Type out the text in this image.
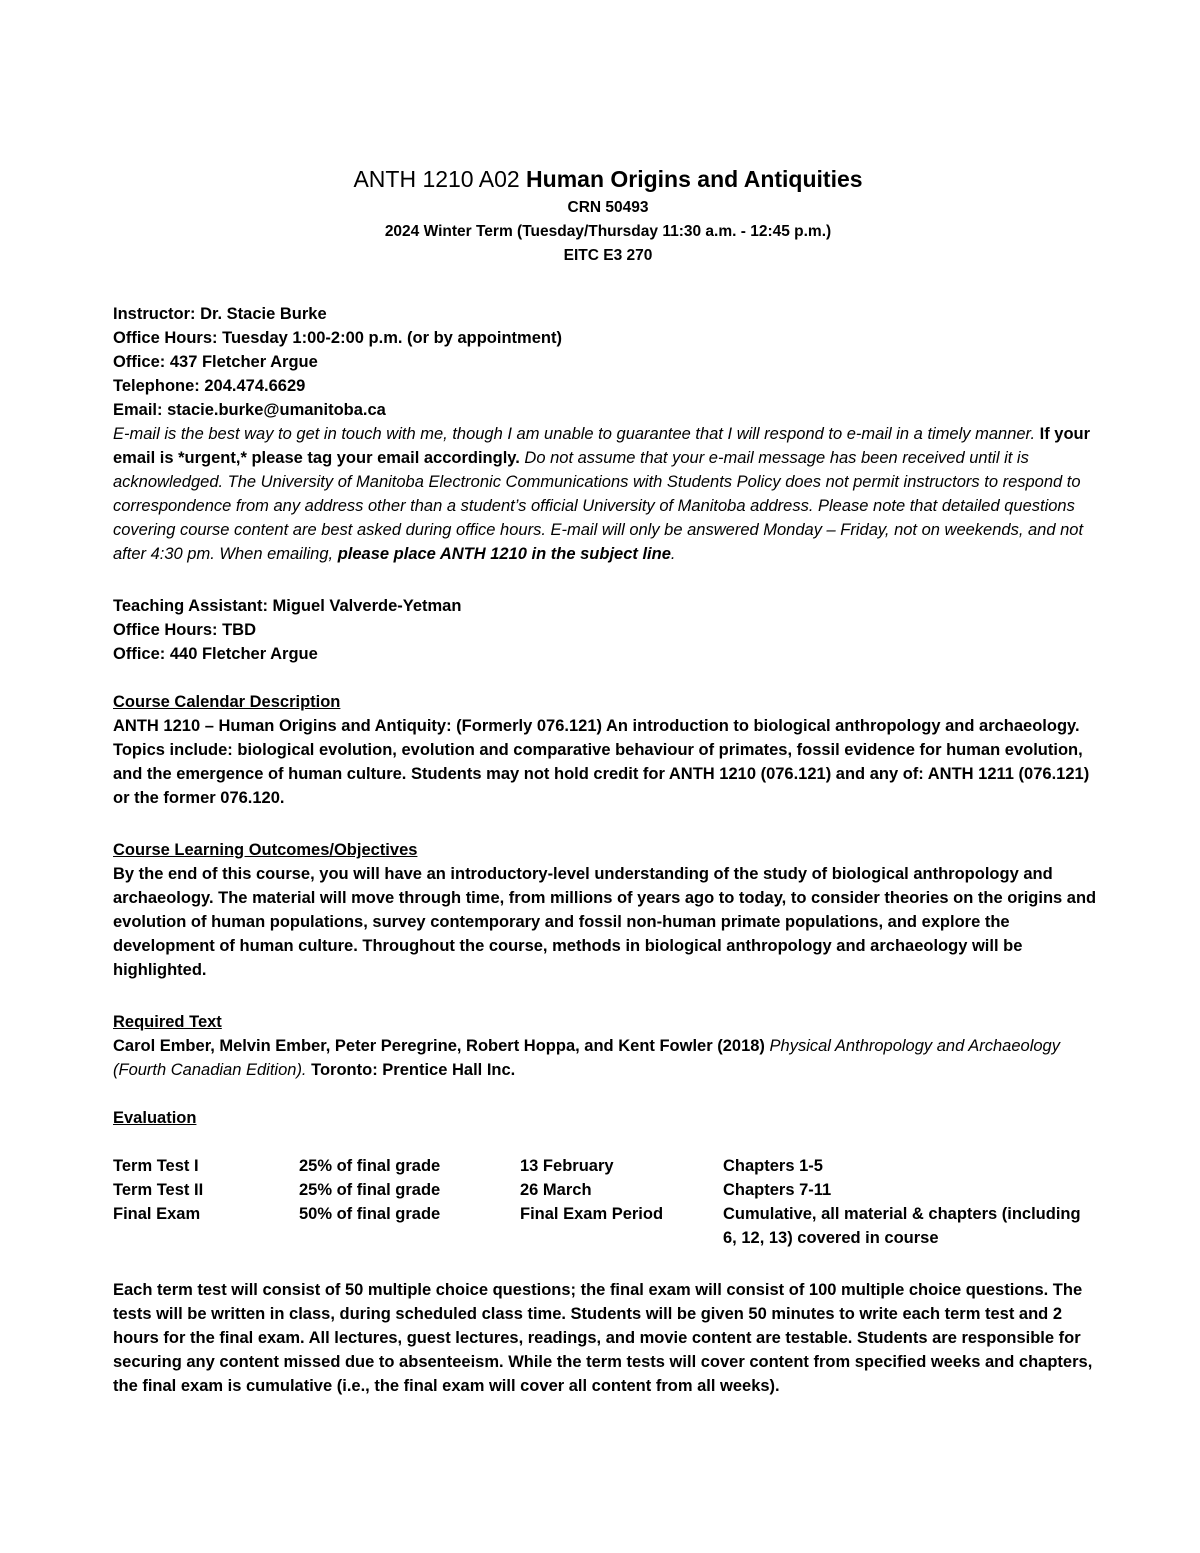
ANTH 1210 A02 Human Origins and Antiquities
CRN 50493
2024 Winter Term (Tuesday/Thursday 11:30 a.m. - 12:45 p.m.)
EITC E3 270
Instructor: Dr. Stacie Burke
Office Hours: Tuesday 1:00-2:00 p.m. (or by appointment)
Office: 437 Fletcher Argue
Telephone: 204.474.6629
Email: stacie.burke@umanitoba.ca

E-mail is the best way to get in touch with me, though I am unable to guarantee that I will respond to e-mail in a timely manner. If your email is *urgent,* please tag your email accordingly. Do not assume that your e-mail message has been received until it is acknowledged. The University of Manitoba Electronic Communications with Students Policy does not permit instructors to respond to correspondence from any address other than a student’s official University of Manitoba address. Please note that detailed questions covering course content are best asked during office hours. E-mail will only be answered Monday – Friday, not on weekends, and not after 4:30 pm. When emailing, please place ANTH 1210 in the subject line.

Teaching Assistant: Miguel Valverde-Yetman
Office Hours: TBD
Office: 440 Fletcher Argue
Course Calendar Description

ANTH 1210 – Human Origins and Antiquity: (Formerly 076.121) An introduction to biological anthropology and archaeology. Topics include: biological evolution, evolution and comparative behaviour of primates, fossil evidence for human evolution, and the emergence of human culture. Students may not hold credit for ANTH 1210 (076.121) and any of: ANTH 1211 (076.121) or the former 076.120.

Course Learning Outcomes/Objectives

By the end of this course, you will have an introductory-level understanding of the study of biological anthropology and archaeology. The material will move through time, from millions of years ago to today, to consider theories on the origins and evolution of human populations, survey contemporary and fossil non-human primate populations, and explore the development of human culture. Throughout the course, methods in biological anthropology and archaeology will be highlighted.

Required Text

Carol Ember, Melvin Ember, Peter Peregrine, Robert Hoppa, and Kent Fowler (2018) Physical Anthropology and Archaeology (Fourth Canadian Edition). Toronto: Prentice Hall Inc.

Evaluation
Term Test I	25% of final grade	13 February	Chapters 1-5
Term Test II	25% of final grade	26 March	Chapters 7-11
Final Exam	50% of final grade	Final Exam Period	Cumulative, all material & chapters (including 6, 12, 13) covered in course

Each term test will consist of 50 multiple choice questions; the final exam will consist of 100 multiple choice questions. The tests will be written in class, during scheduled class time. Students will be given 50 minutes to write each term test and 2 hours for the final exam. All lectures, guest lectures, readings, and movie content are testable. Students are responsible for securing any content missed due to absenteeism. While the term tests will cover content from specified weeks and chapters, the final exam is cumulative (i.e., the final exam will cover all content from all weeks).
